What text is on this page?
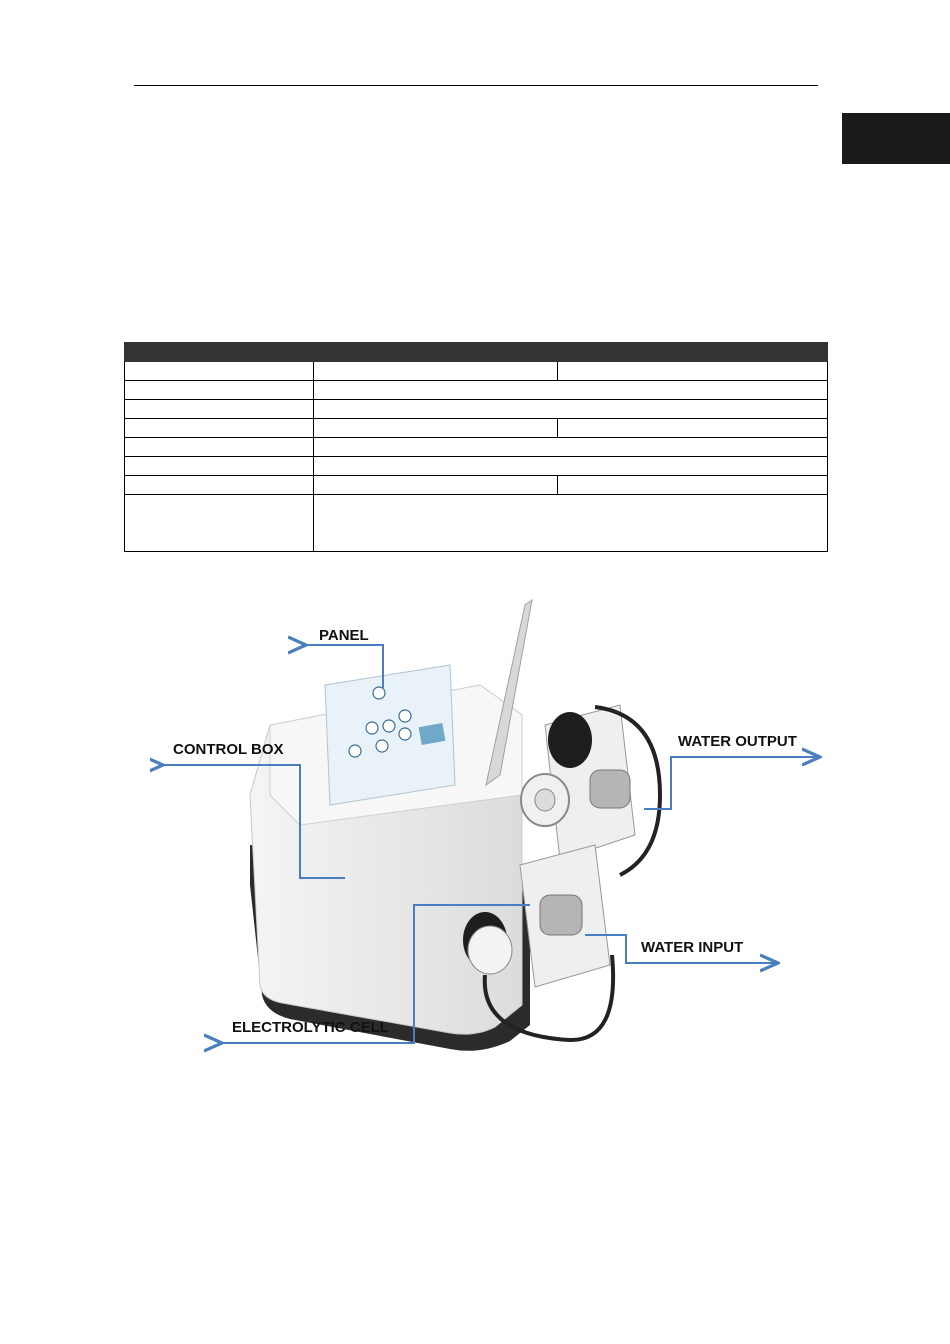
PANEL
CONTROL BOX	WATER OUTPUT
WATER INPUT
ELECTROLYTIC CELL
